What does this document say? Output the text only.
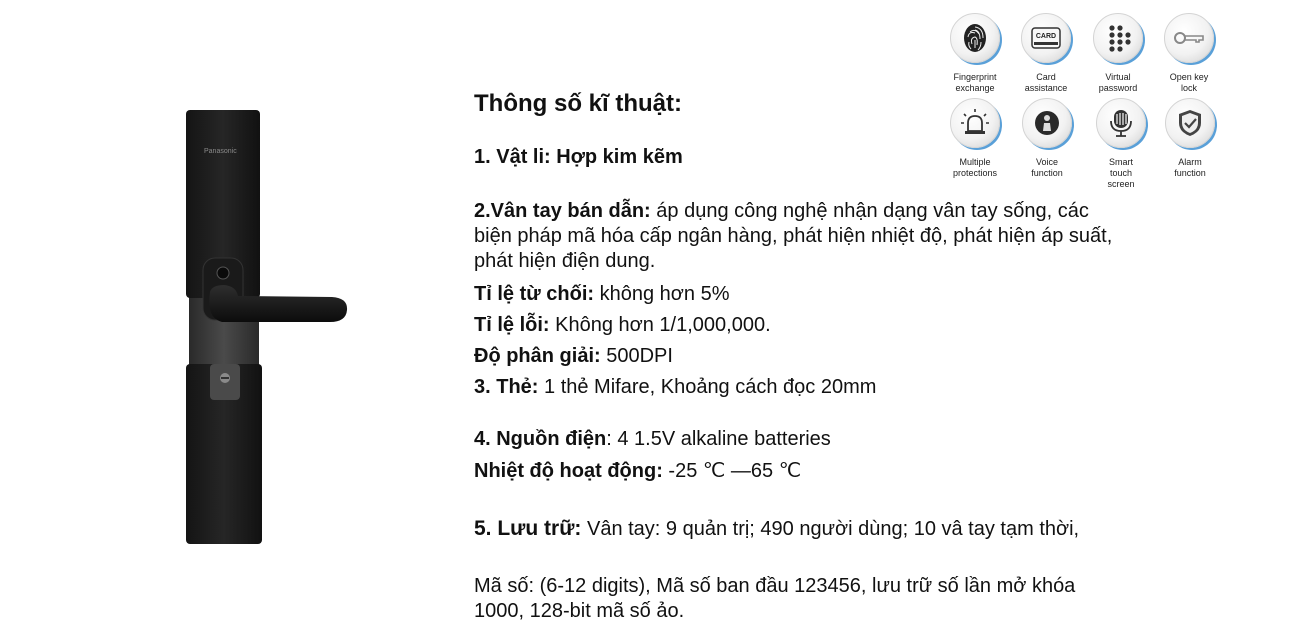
Panasonic
Fingerprint
exchange
CARD
Card
assistance
Virtual
password
Open key
lock
Multiple
protections
Voice
function
Smart
touch
screen
Alarm
function
Thông số kĩ thuật:
1. Vật li: Hợp kim kẽm
2.Vân tay bán dẫn: áp dụng công nghệ nhận dạng vân tay sống, các biện pháp mã hóa cấp ngân hàng, phát hiện nhiệt độ, phát hiện áp suất, phát hiện điện dung.
Tỉ lệ từ chối: không hơn 5%
Tỉ lệ lỗi: Không hơn 1/1,000,000.
Độ phân giải: 500DPI
3. Thẻ: 1 thẻ Mifare, Khoảng cách đọc 20mm
4. Nguồn điện: 4 1.5V alkaline batteries
Nhiệt độ hoạt động: -25 ℃ —65 ℃
5. Lưu trữ: Vân tay: 9 quản trị; 490 người dùng; 10 vâ tay tạm thời,
Mã số: (6-12 digits), Mã số ban đầu 123456, lưu trữ số lần mở khóa 1000, 128-bit mã số ảo.
